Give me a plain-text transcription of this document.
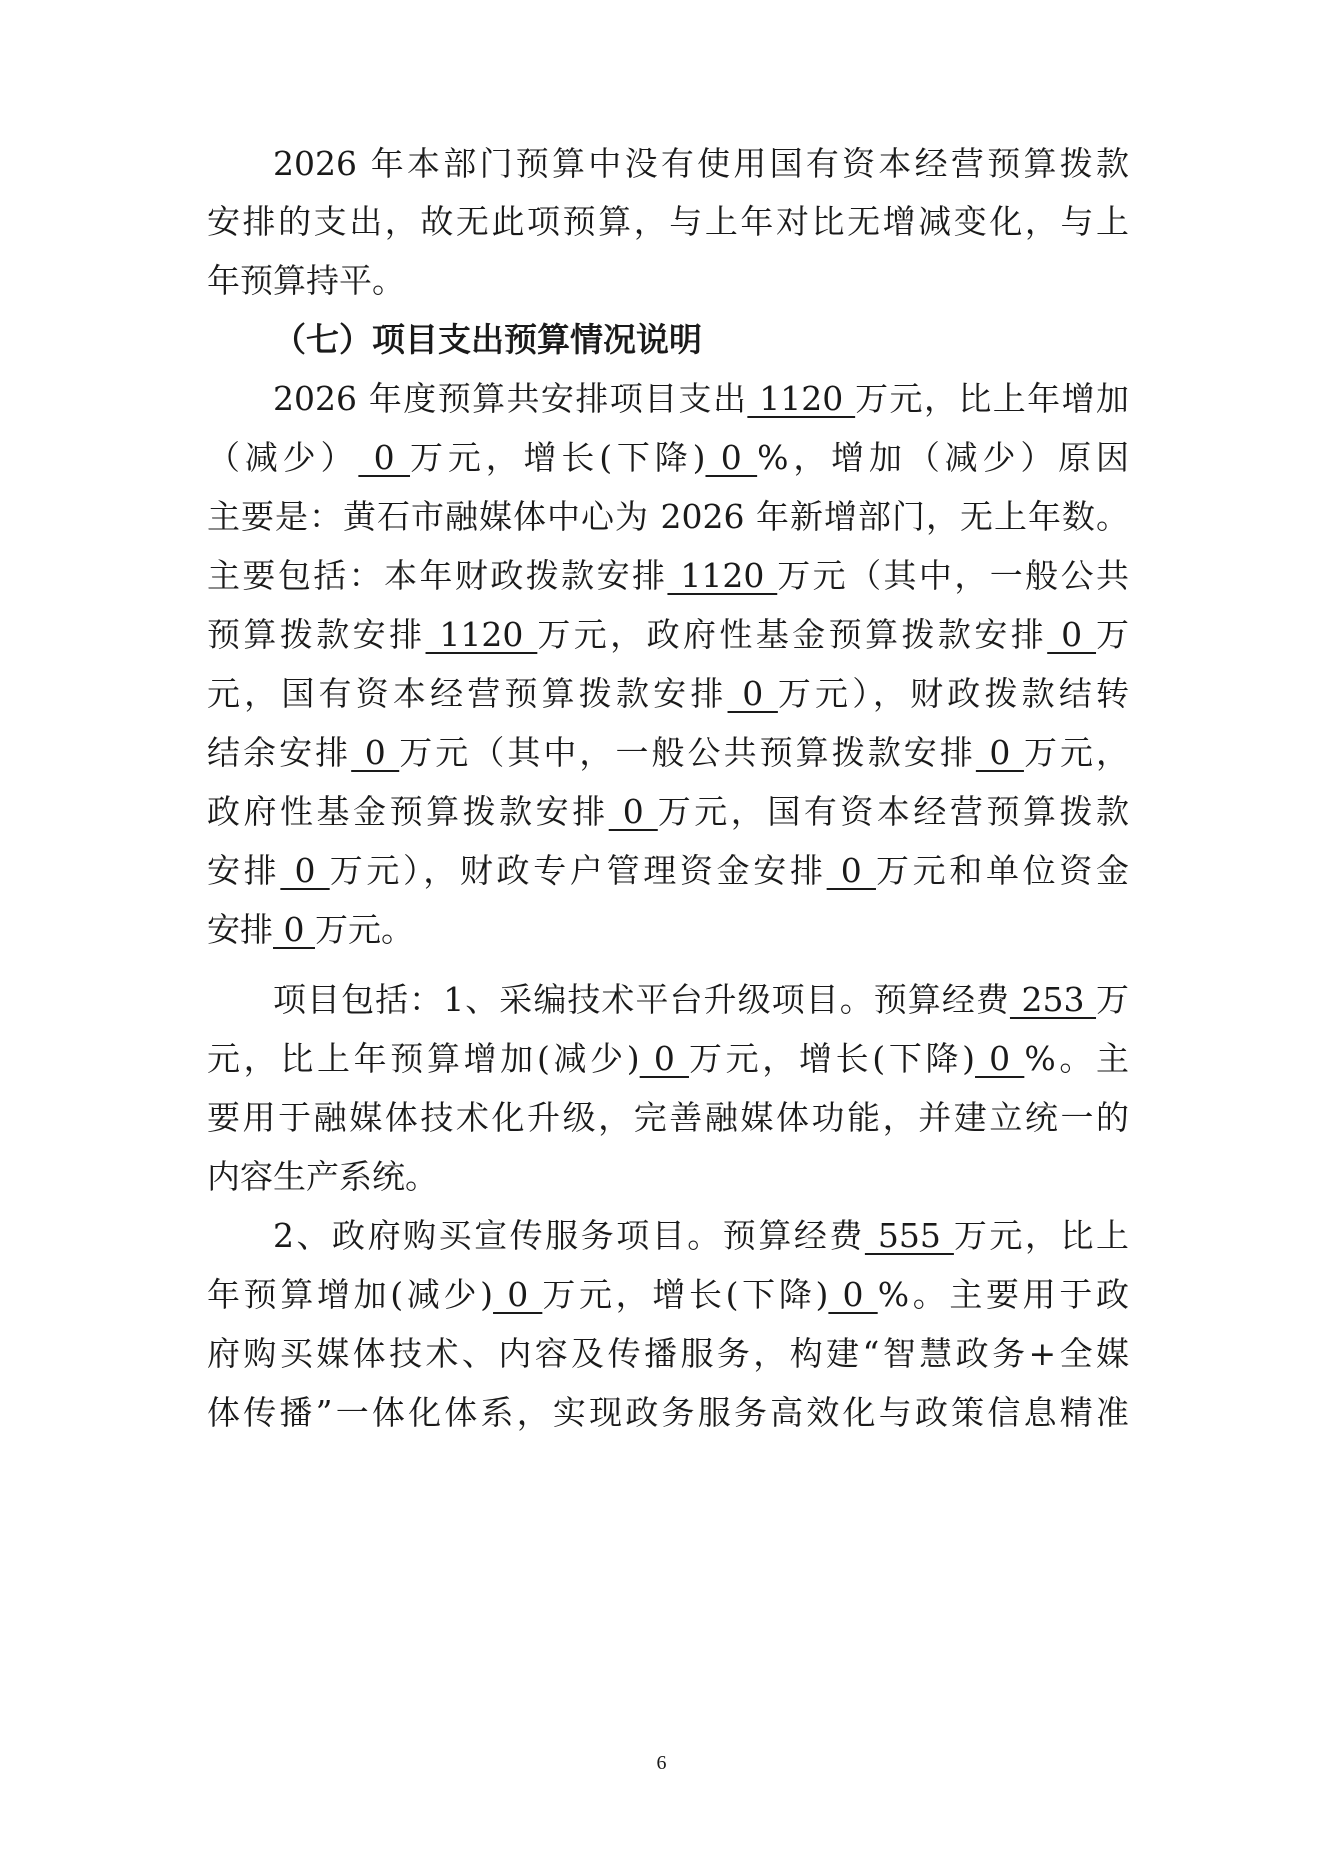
2026 年本部门预算中没有使用国有资本经营预算拨款
安排的支出，故无此项预算，与上年对比无增减变化，与上
年预算持平。
（七）项目支出预算情况说明
2026 年度预算共安排项目支出 1120 万元，比上年增加
（减少） 0 万元，增长(下降) 0 %，增加（减少）原因
主要是：黄石市融媒体中心为 2026 年新增部门，无上年数。
主要包括：本年财政拨款安排 1120 万元（其中，一般公共
预算拨款安排 1120 万元，政府性基金预算拨款安排 0 万
元，国有资本经营预算拨款安排 0 万元），财政拨款结转
结余安排 0 万元（其中，一般公共预算拨款安排 0 万元，
政府性基金预算拨款安排 0 万元，国有资本经营预算拨款
安排 0 万元），财政专户管理资金安排 0 万元和单位资金
安排 0 万元。
项目包括：1、采编技术平台升级项目。预算经费 253 万
元，比上年预算增加(减少) 0 万元，增长(下降) 0 %。主
要用于融媒体技术化升级，完善融媒体功能，并建立统一的
内容生产系统。
2、政府购买宣传服务项目。预算经费 555 万元，比上
年预算增加(减少) 0 万元，增长(下降) 0 %。主要用于政
府购买媒体技术、内容及传播服务，构建“智慧政务+全媒
体传播”一体化体系，实现政务服务高效化与政策信息精准
6
